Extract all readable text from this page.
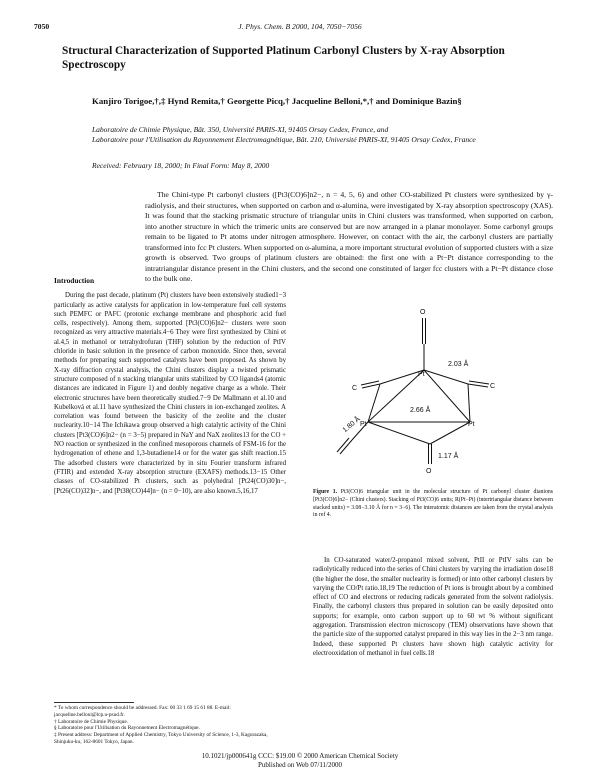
7050	J. Phys. Chem. B 2000, 104, 7050−7056
Structural Characterization of Supported Platinum Carbonyl Clusters by X-ray Absorption Spectroscopy
Kanjiro Torigoe,†,‡ Hynd Remita,† Georgette Picq,† Jacqueline Belloni,*,† and Dominique Bazin§
Laboratoire de Chimie Physique, Bât. 350, Université PARIS-XI, 91405 Orsay Cedex, France, and
Laboratoire pour l'Utilisation du Rayonnement Electromagnétique, Bât. 210, Université PARIS-XI, 91405 Orsay Cedex, France
Received: February 18, 2000; In Final Form: May 8, 2000

The Chini-type Pt carbonyl clusters ([Pt3(CO)6]n2−, n = 4, 5, 6) and other CO-stabilized Pt clusters were synthesized by γ-radiolysis, and their structures, when supported on carbon and α-alumina, were investigated by X-ray absorption spectroscopy (XAS). It was found that the stacking prismatic structure of triangular units in Chini clusters was transformed, when supported on carbon, into another structure in which the trimeric units are conserved but are now arranged in a planar monolayer. Some carbonyl groups remain to be ligated to Pt atoms under nitrogen atmosphere. However, on contact with the air, the carbonyl clusters are partially transformed into fcc Pt clusters. When supported on α-alumina, a more important structural evolution of supported clusters with a size growth is observed. Two groups of platinum clusters are obtained: the first one with a Pt−Pt distance corresponding to the intratriangular distance present in the Chini clusters, and the second one constituted of larger fcc clusters with a Pt−Pt distance close to the bulk one.

Introduction

During the past decade, platinum (Pt) clusters have been extensively studied1−3 particularly as active catalysts for application in low-temperature fuel cell systems such PEMFC or PAFC (protonic exchange membrane and phosphoric acid fuel cells, respectively). Among them, supported [Pt3(CO)6]n2− clusters were soon recognized as very attractive materials.4−6 They were first synthesized by Chini et al.4,5 in methanol or tetrahydrofuran (THF) solution by the reduction of PtIV chloride in basic solution in the presence of carbon monoxide. Since then, several methods for preparing such supported catalysts have been proposed. As shown by X-ray diffraction crystal analysis, the Chini clusters display a twisted prismatic structure composed of n stacking triangular units stabilized by CO ligands4 (atomic distances are indicated in Figure 1) and doubly negative charge as a whole. Their electronic structures have been theoretically studied.7−9 De Mallmann et al.10 and Kubelková et al.11 have synthesized the Chini clusters in ion-exchanged zeolites. A correlation was found between the basicity of the zeolite and the cluster nuclearity.10−14 The Ichikawa group observed a high catalytic activity of the Chini clusters [Pt3(CO)6]n2− (n = 3−5) prepared in NaY and NaX zeolites13 for the CO + NO reaction or synthesized in the confined mesoporous channels of FSM-16 for the hydrogenation of ethene and 1,3-butadiene14 or for the water gas shift reaction.15 The adsorbed clusters were characterized by in situ Fourier transform infrared (FTIR) and extended X-ray absorption structure (EXAFS) methods.13−15 Other classes of CO-stabilized Pt clusters, such as polyhedral [Pt24(CO)30]n−, [Pt26(CO)32]n−, and [Pt38(CO)44]n− (n = 0−10), are also known.5,16,17

Pt
Pt	Pt
O
C	C
O
2.03 Å
2.66 Å
1.80 Å
1.17 Å
Figure 1. Pt3(CO)6 triangular unit in the molecular structure of Pt carbonyl cluster dianions [Pt3(CO)6]n2− (Chini clusters). Stacking of Pt3(CO)6 units; R(Pt−Pt) (intertriangular distance between stacked units) = 3.08−3.10 Å for n = 3−6). The interatomic distances are taken from the crystal analysis in ref 4.

In CO-saturated water/2-propanol mixed solvent, PtII or PtIV salts can be radiolytically reduced into the series of Chini clusters by varying the irradiation dose18 (the higher the dose, the smaller nuclearity is formed) or into other carbonyl clusters by varying the CO/Pt ratio.18,19 The reduction of Pt ions is brought about by a combined effect of CO and electrons or reducing radicals generated from the solvent radiolysis. Finally, the carbonyl clusters thus prepared in solution can be easily deposited onto supports; for example, onto carbon support up to 60 wt % without significant aggregation. Transmission electron microscopy (TEM) observations have shown that the particle size of the supported catalyst prepared in this way lies in the 2−3 nm range. Indeed, these supported Pt clusters have shown high catalytic activity for electrooxidation of methanol in fuel cells.18

* To whom correspondence should be addressed. Fax: 00 33 1 69 15 61 88. E-mail: jacqueline.belloni@lcp.u-psud.fr.
† Laboratoire de Chimie Physique.
§ Laboratoire pour l'Utilisation du Rayonnement Electromagnétique.
‡ Present address: Department of Applied Chemistry, Tokyo University of Science, 1-3, Kagurazaka, Shinjuku-ku, 162-8601 Tokyo, Japan.
10.1021/jp000641g CCC: $19.00 © 2000 American Chemical Society
Published on Web 07/11/2000
